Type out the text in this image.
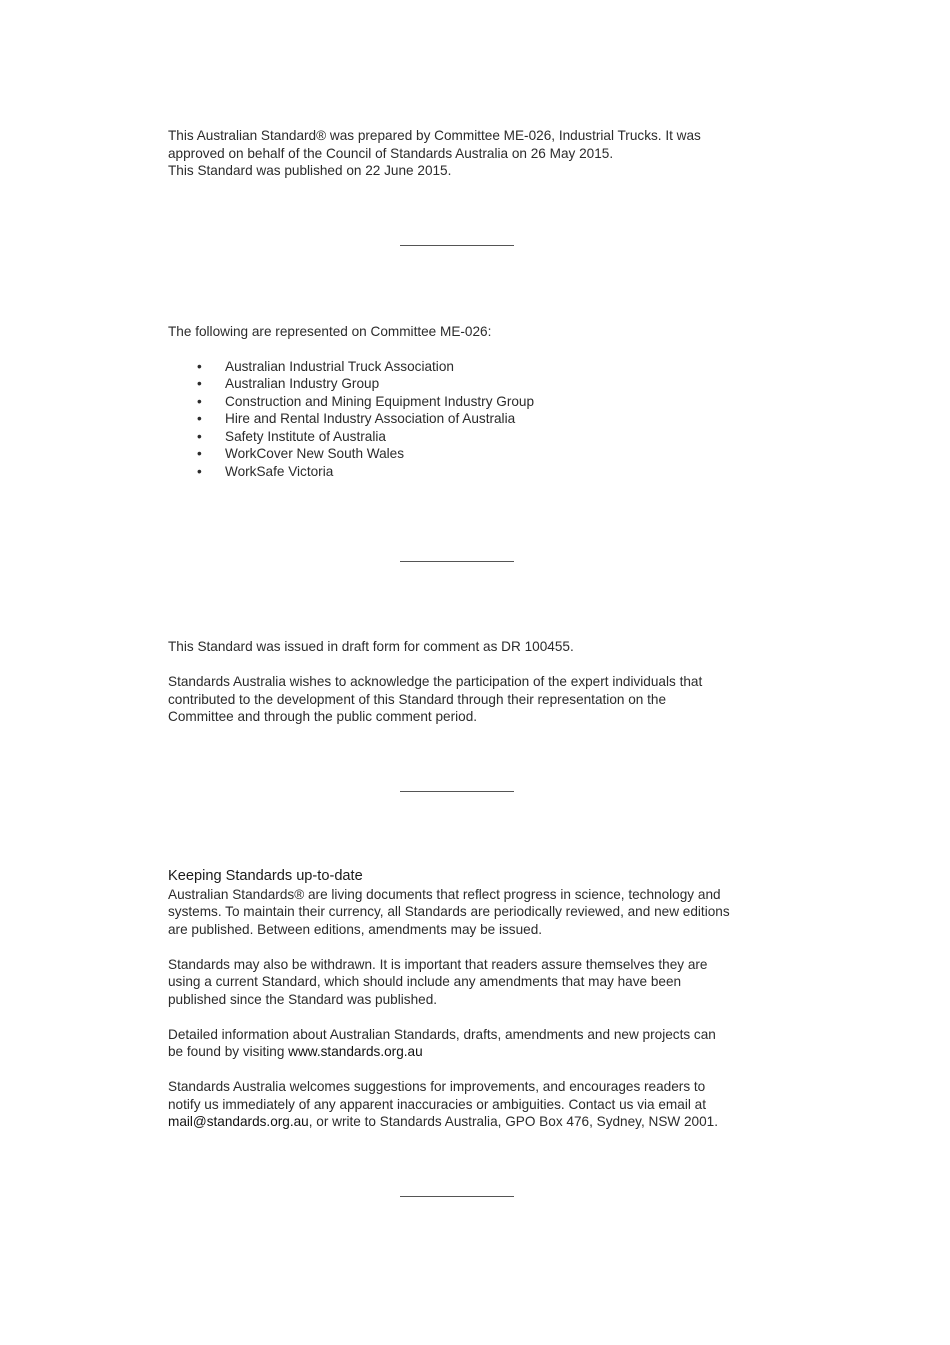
This Australian Standard® was prepared by Committee ME-026, Industrial Trucks. It was
approved on behalf of the Council of Standards Australia on 26 May 2015.
This Standard was published on 22 June 2015.
The following are represented on Committee ME-026:
• Australian Industrial Truck Association
• Australian Industry Group
• Construction and Mining Equipment Industry Group
• Hire and Rental Industry Association of Australia
• Safety Institute of Australia
• WorkCover New South Wales
• WorkSafe Victoria
This Standard was issued in draft form for comment as DR 100455.
Standards Australia wishes to acknowledge the participation of the expert individuals that
contributed to the development of this Standard through their representation on the
Committee and through the public comment period.
Keeping Standards up-to-date
Australian Standards® are living documents that reflect progress in science, technology and
systems. To maintain their currency, all Standards are periodically reviewed, and new editions
are published. Between editions, amendments may be issued.
Standards may also be withdrawn. It is important that readers assure themselves they are
using a current Standard, which should include any amendments that may have been
published since the Standard was published.
Detailed information about Australian Standards, drafts, amendments and new projects can
be found by visiting www.standards.org.au
Standards Australia welcomes suggestions for improvements, and encourages readers to
notify us immediately of any apparent inaccuracies or ambiguities. Contact us via email at
mail@standards.org.au, or write to Standards Australia, GPO Box 476, Sydney, NSW 2001.
